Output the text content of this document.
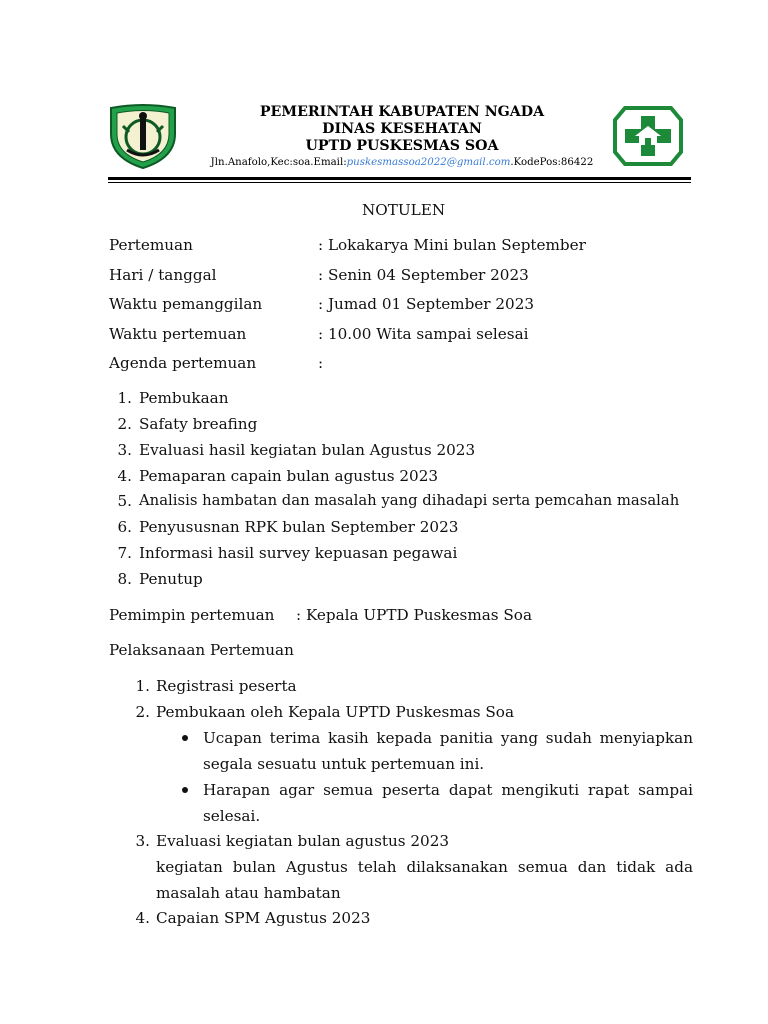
PEMERINTAH KABUPATEN NGADA
DINAS KESEHATAN
UPTD PUSKESMAS SOA
Jln.Anafolo,Kec:soa.Email:puskesmassoa2022@gmail.com.KodePos:86422
NOTULEN
Pertemuan	: Lokakarya Mini bulan September
Hari / tanggal	: Senin 04 September 2023
Waktu pemanggilan	: Jumad 01 September 2023
Waktu pertemuan	: 10.00 Wita sampai selesai
Agenda pertemuan	:
1. Pembukaan
2. Safaty breafing
3. Evaluasi hasil kegiatan bulan Agustus 2023
4. Pemaparan capain bulan agustus 2023
5. Analisis hambatan dan masalah yang dihadapi serta pemcahan masalah
6. Penyususnan RPK bulan September 2023
7. Informasi hasil survey kepuasan pegawai
8. Penutup
Pemimpin pertemuan : Kepala UPTD Puskesmas Soa
Pelaksanaan Pertemuan
1. Registrasi peserta
2. Pembukaan oleh Kepala UPTD Puskesmas Soa
Ucapan terima kasih kepada panitia yang sudah menyiapkan
segala sesuatu untuk pertemuan ini.
Harapan agar semua peserta dapat mengikuti rapat sampai
selesai.
3. Evaluasi kegiatan bulan agustus 2023
kegiatan bulan Agustus telah dilaksanakan semua dan tidak ada
masalah atau hambatan
4. Capaian SPM Agustus 2023
